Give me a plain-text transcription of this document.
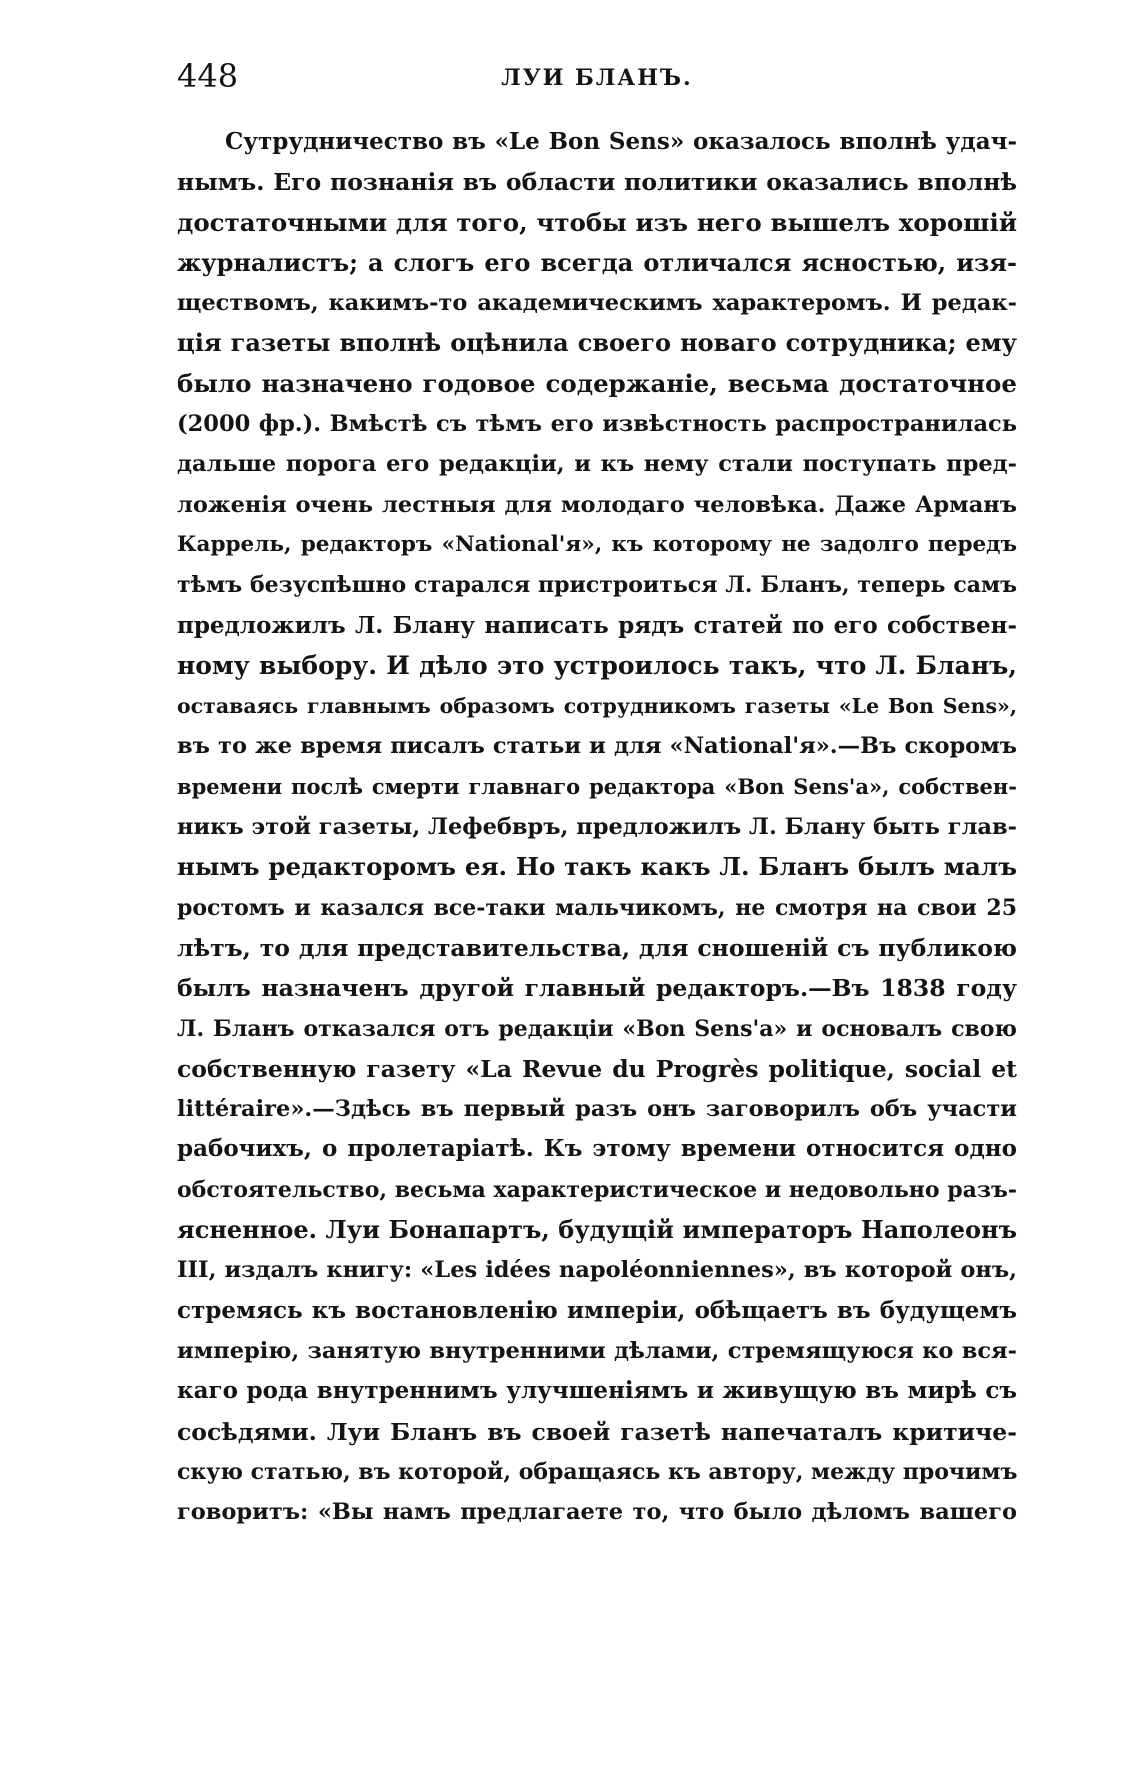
448	ЛУИ БЛАНЪ.
Сутрудничество въ «Le Bon Sens» оказалось вполнѣ удач-
нымъ. Его познанія въ области политики оказались вполнѣ
достаточными для того, чтобы изъ него вышелъ хорошій
журналистъ; а слогъ его всегда отличался ясностью, изя-
ществомъ, какимъ-то академическимъ характеромъ. И редак-
ція газеты вполнѣ оцѣнила своего новаго сотрудника; ему
было назначено годовое содержаніе, весьма достаточное
(2000 фр.). Вмѣстѣ съ тѣмъ его извѣстность распространилась
дальше порога его редакціи, и къ нему стали поступать пред-
ложенія очень лестныя для молодаго человѣка. Даже Арманъ
Каррель, редакторъ «National'я», къ которому не задолго передъ
тѣмъ безуспѣшно старался пристроиться Л. Бланъ, теперь самъ
предложилъ Л. Блану написать рядъ статей по его собствен-
ному выбору. И дѣло это устроилось такъ, что Л. Бланъ,
оставаясь главнымъ образомъ сотрудникомъ газеты «Le Bon Sens»,
въ то же время писалъ статьи и для «National'я».—Въ скоромъ
времени послѣ смерти главнаго редактора «Bon Sens'а», собствен-
никъ этой газеты, Лефебвръ, предложилъ Л. Блану быть глав-
нымъ редакторомъ ея. Но такъ какъ Л. Бланъ былъ малъ
ростомъ и казался все-таки мальчикомъ, не смотря на свои 25
лѣтъ, то для представительства, для сношеній съ публикою
былъ назначенъ другой главный редакторъ.—Въ 1838 году
Л. Бланъ отказался отъ редакціи «Bon Sens'а» и основалъ свою
собственную газету «La Revue du Progrès politique, social et
littéraire».—Здѣсь въ первый разъ онъ заговорилъ объ участи
рабочихъ, о пролетаріатѣ. Къ этому времени относится одно
обстоятельство, весьма характеристическое и недовольно разъ-
ясненное. Луи Бонапартъ, будущій императоръ Наполеонъ
III, издалъ книгу: «Les idées napoléonniennes», въ которой онъ,
стремясь къ востановленію имперіи, обѣщаетъ въ будущемъ
имперію, занятую внутренними дѣлами, стремящуюся ко вся-
каго рода внутреннимъ улучшеніямъ и живущую въ мирѣ съ
сосѣдями. Луи Бланъ въ своей газетѣ напечаталъ критиче-
скую статью, въ которой, обращаясь къ автору, между прочимъ
говоритъ: «Вы намъ предлагаете то, что было дѣломъ вашего
